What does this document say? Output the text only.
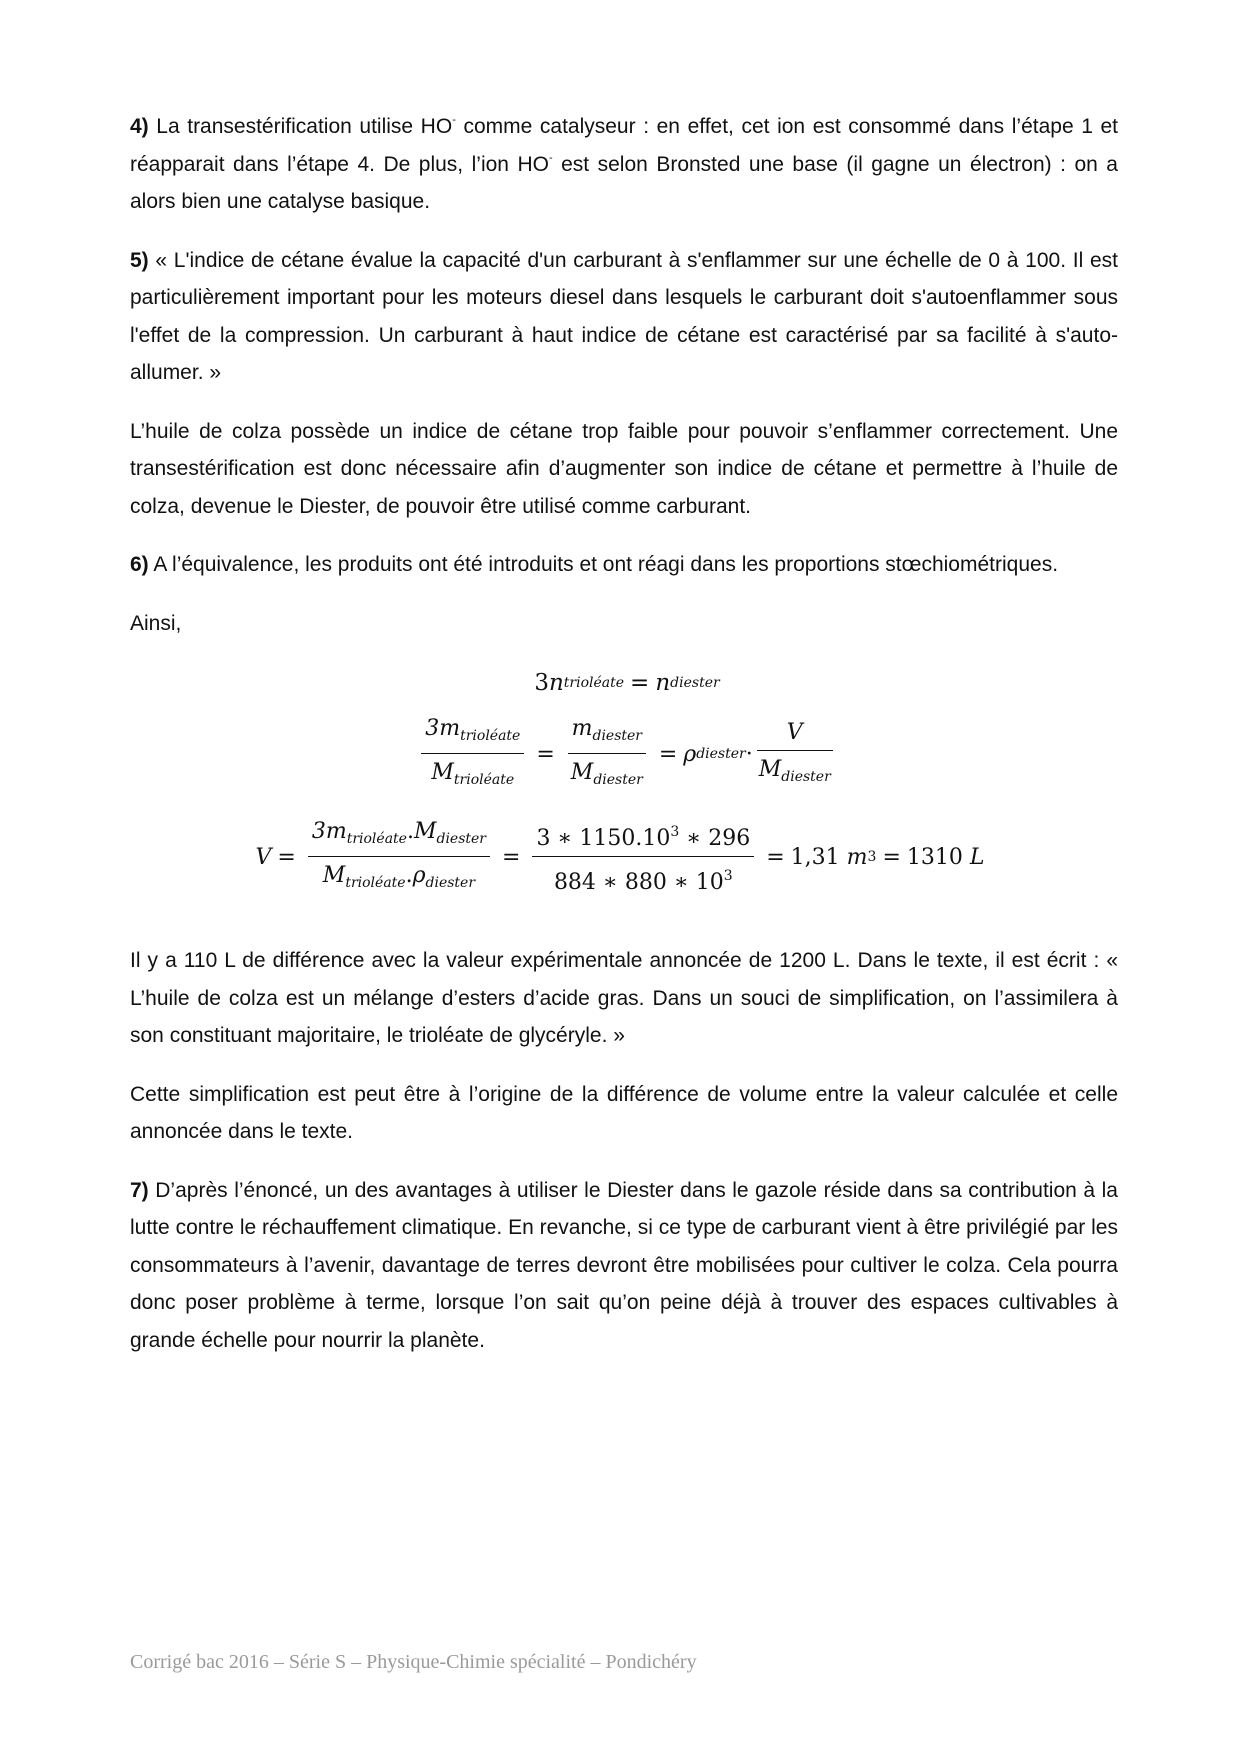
4) La transestérification utilise HO- comme catalyseur : en effet, cet ion est consommé dans l’étape 1 et réapparait dans l’étape 4. De plus, l’ion HO- est selon Bronsted une base (il gagne un électron) : on a alors bien une catalyse basique.

5) « L'indice de cétane évalue la capacité d'un carburant à s'enflammer sur une échelle de 0 à 100. Il est particulièrement important pour les moteurs diesel dans lesquels le carburant doit s'autoenflammer sous l'effet de la compression. Un carburant à haut indice de cétane est caractérisé par sa facilité à s'auto-allumer. »

L’huile de colza possède un indice de cétane trop faible pour pouvoir s’enflammer correctement. Une transestérification est donc nécessaire afin d’augmenter son indice de cétane et permettre à l’huile de colza, devenue le Diester, de pouvoir être utilisé comme carburant.

6) A l’équivalence, les produits ont été introduits et ont réagi dans les proportions stœchiométriques.

Ainsi,

3 n trioléate = n diester
$\frac{3m_{trioléate}}{M_{trioléate}} = \frac{m_{diester}}{M_{diester}} = \rho$ diester · $\frac{V}{M_{diester}}$
$V = \frac{3m_{trioléate}.M_{diester}}{M_{trioléate}.\rho_{diester}} = \frac{3 ∗ 1150.10^3 ∗ 296}{884 ∗ 880 ∗ 10^3} = 1,31$ m 3 = 1310 L

Il y a 110 L de différence avec la valeur expérimentale annoncée de 1200 L. Dans le texte, il est écrit : « L’huile de colza est un mélange d’esters d’acide gras. Dans un souci de simplification, on l’assimilera à son constituant majoritaire, le trioléate de glycéryle. »

Cette simplification est peut être à l’origine de la différence de volume entre la valeur calculée et celle annoncée dans le texte.

7) D’après l’énoncé, un des avantages à utiliser le Diester dans le gazole réside dans sa contribution à la lutte contre le réchauffement climatique. En revanche, si ce type de carburant vient à être privilégié par les consommateurs à l’avenir, davantage de terres devront être mobilisées pour cultiver le colza. Cela pourra donc poser problème à terme, lorsque l’on sait qu’on peine déjà à trouver des espaces cultivables à grande échelle pour nourrir la planète.

Corrigé bac 2016 – Série S – Physique-Chimie spécialité – Pondichéry
